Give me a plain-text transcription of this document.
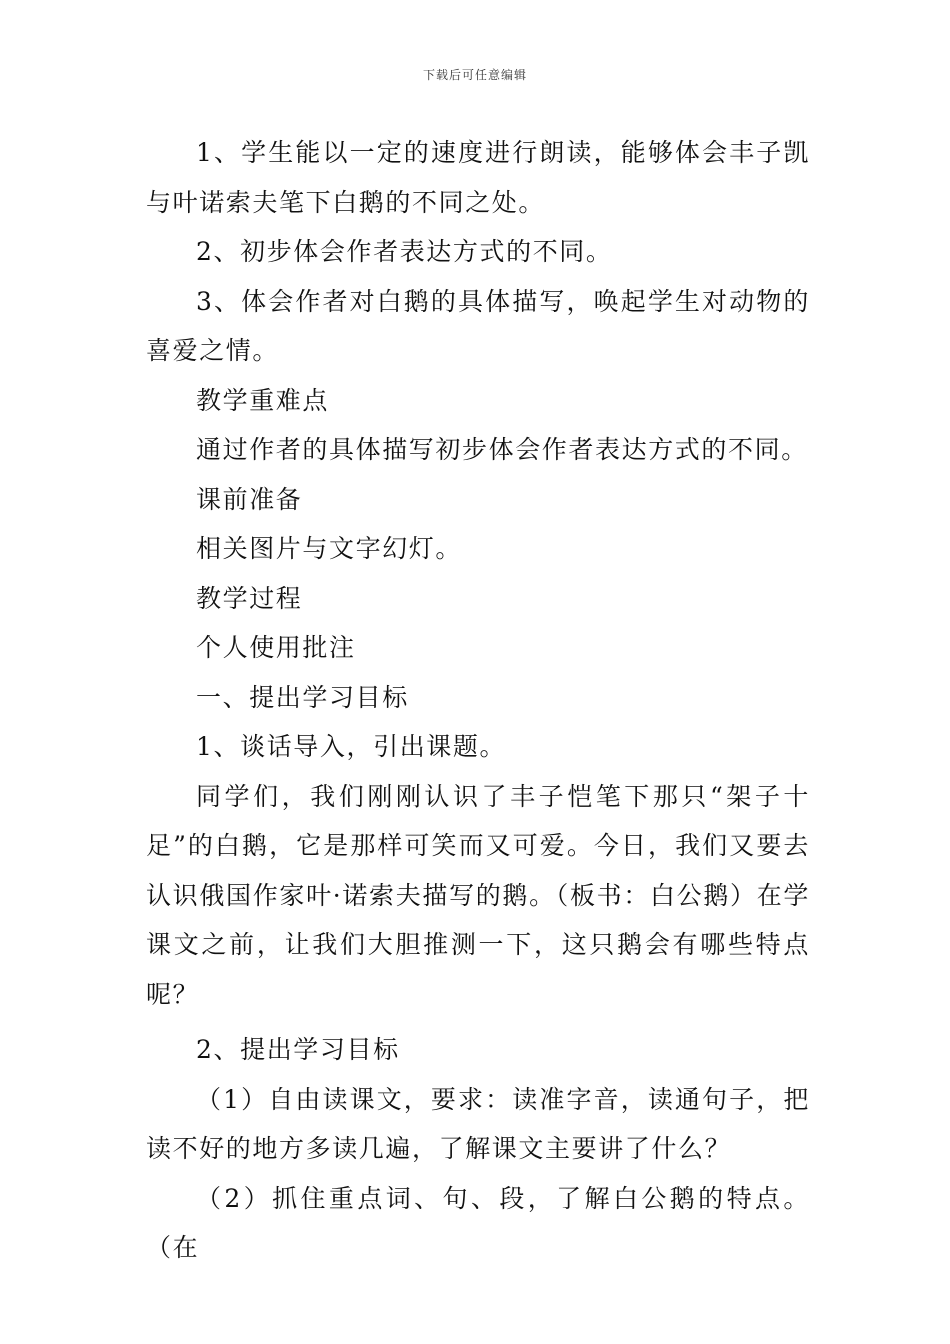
下载后可任意编辑

1、学生能以一定的速度进行朗读，能够体会丰子凯与叶诺索夫笔下白鹅的不同之处。

2、初步体会作者表达方式的不同。

3、体会作者对白鹅的具体描写，唤起学生对动物的喜爱之情。

教学重难点

通过作者的具体描写初步体会作者表达方式的不同。

课前准备

相关图片与文字幻灯。

教学过程

个人使用批注

一、提出学习目标

1、谈话导入，引出课题。

同学们，我们刚刚认识了丰子恺笔下那只“架子十足”的白鹅，它是那样可笑而又可爱。今日，我们又要去认识俄国作家叶·诺索夫描写的鹅。（板书：白公鹅）在学课文之前，让我们大胆推测一下，这只鹅会有哪些特点呢？

2、提出学习目标

（1）自由读课文，要求：读准字音，读通句子，把读不好的地方多读几遍，了解课文主要讲了什么？

（2）抓住重点词、句、段，了解白公鹅的特点。（在
